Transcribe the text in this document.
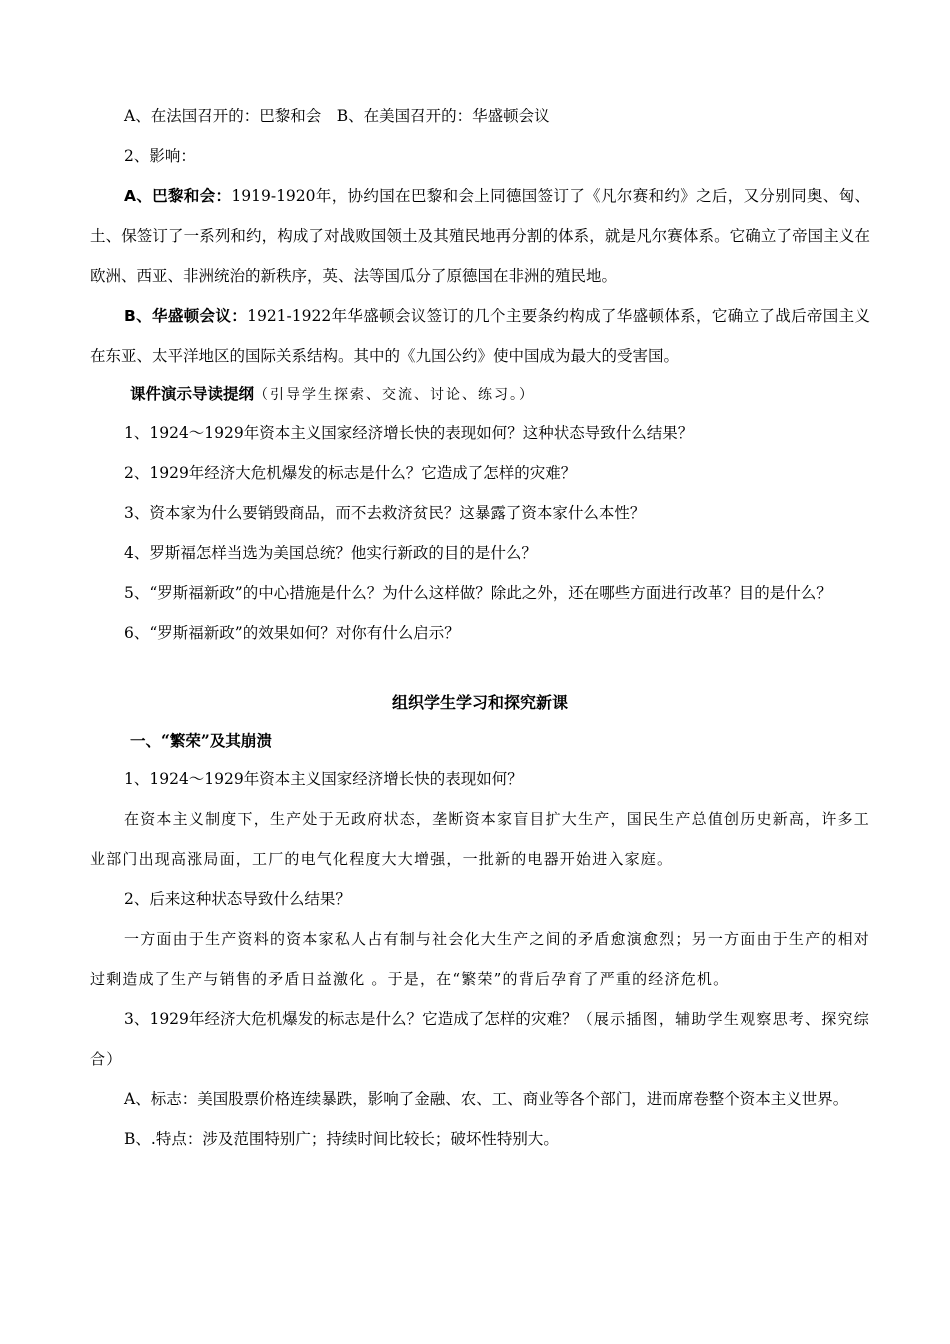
A、在法国召开的：巴黎和会　B、在美国召开的：华盛顿会议

2、影响：

A、巴黎和会：1919-1920年，协约国在巴黎和会上同德国签订了《凡尔赛和约》之后，又分别同奥、匈、土、保签订了一系列和约，构成了对战败国领土及其殖民地再分割的体系，就是凡尔赛体系。它确立了帝国主义在欧洲、西亚、非洲统治的新秩序，英、法等国瓜分了原德国在非洲的殖民地。

B、华盛顿会议：1921-1922年华盛顿会议签订的几个主要条约构成了华盛顿体系，它确立了战后帝国主义在东亚、太平洋地区的国际关系结构。其中的《九国公约》使中国成为最大的受害国。

课件演示导读提纲（引导学生探索、交流、讨论、练习。）

1、1924～1929年资本主义国家经济增长快的表现如何？这种状态导致什么结果？

2、1929年经济大危机爆发的标志是什么？它造成了怎样的灾难？

3、资本家为什么要销毁商品，而不去救济贫民？这暴露了资本家什么本性？

4、罗斯福怎样当选为美国总统？他实行新政的目的是什么？

5、“罗斯福新政”的中心措施是什么？为什么这样做？除此之外，还在哪些方面进行改革？目的是什么？

6、“罗斯福新政”的效果如何？对你有什么启示？

组织学生学习和探究新课

一、“繁荣”及其崩溃

1、1924～1929年资本主义国家经济增长快的表现如何？

在资本主义制度下，生产处于无政府状态，垄断资本家盲目扩大生产，国民生产总值创历史新高，许多工业部门出现高涨局面，工厂的电气化程度大大增强，一批新的电器开始进入家庭。

2、后来这种状态导致什么结果？

一方面由于生产资料的资本家私人占有制与社会化大生产之间的矛盾愈演愈烈；另一方面由于生产的相对过剩造成了生产与销售的矛盾日益激化 。于是，在“繁荣”的背后孕育了严重的经济危机。

3、1929年经济大危机爆发的标志是什么？它造成了怎样的灾难？（展示插图，辅助学生观察思考、探究综合）

A、标志：美国股票价格连续暴跌，影响了金融、农、工、商业等各个部门，进而席卷整个资本主义世界。

B、.特点：涉及范围特别广；持续时间比较长；破坏性特别大。
